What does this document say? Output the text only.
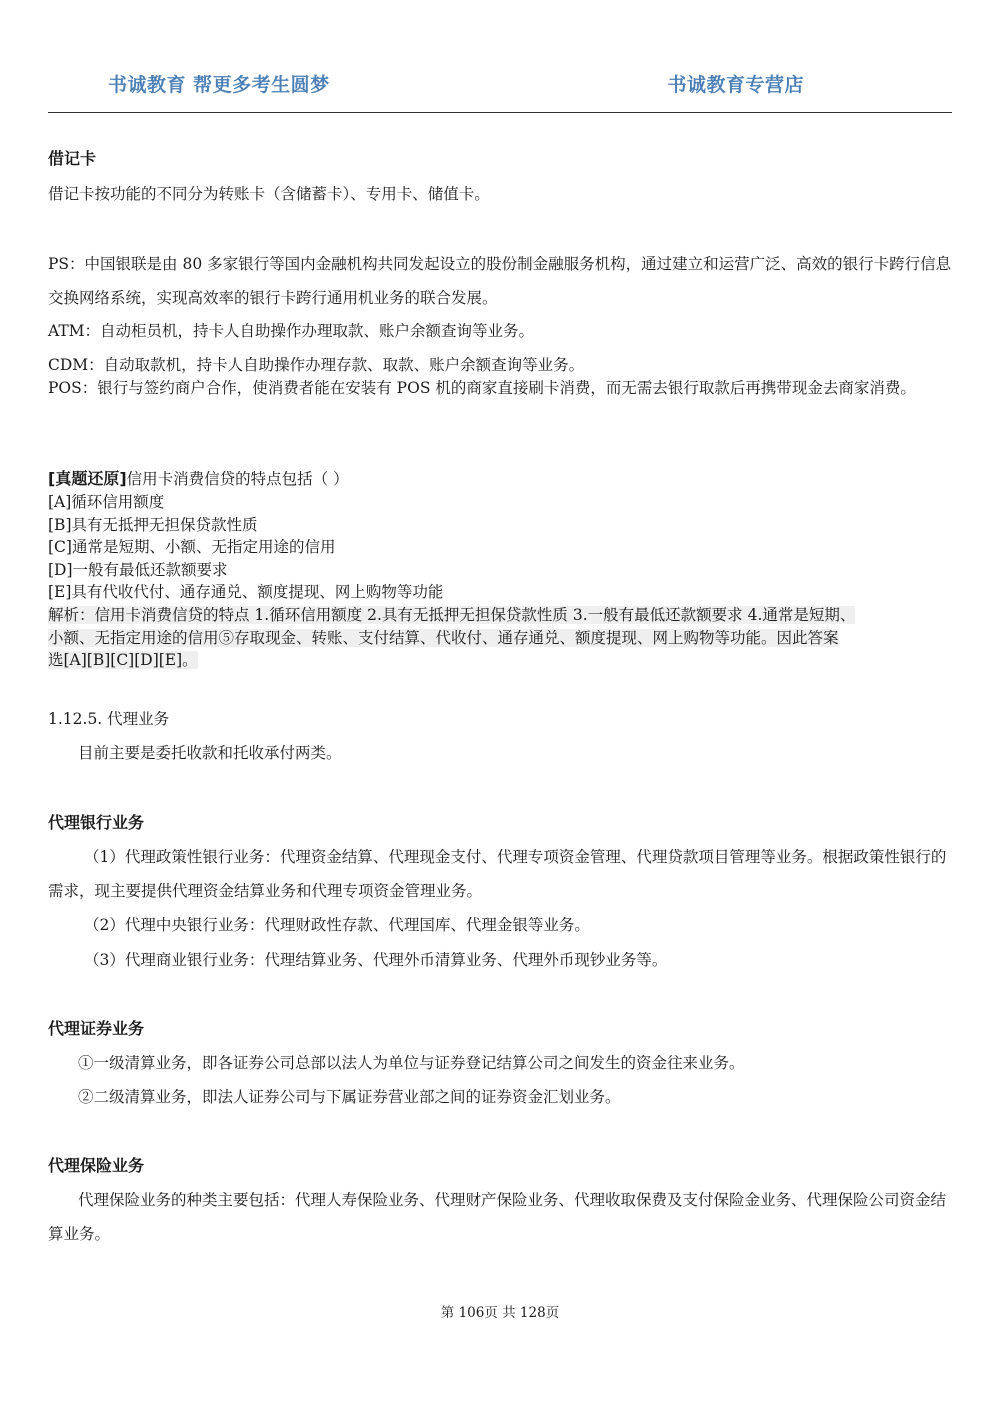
书诚教育 帮更多考生圆梦	书诚教育专营店
借记卡
借记卡按功能的不同分为转账卡（含储蓄卡）、专用卡、储值卡。
PS：中国银联是由 80 多家银行等国内金融机构共同发起设立的股份制金融服务机构，通过建立和运营广泛、高效的银行卡跨行信息交换网络系统，实现高效率的银行卡跨行通用机业务的联合发展。
ATM：自动柜员机，持卡人自助操作办理取款、账户余额查询等业务。
CDM：自动取款机，持卡人自助操作办理存款、取款、账户余额查询等业务。
POS：银行与签约商户合作，使消费者能在安装有 POS 机的商家直接刷卡消费，而无需去银行取款后再携带现金去商家消费。
[真题还原]信用卡消费信贷的特点包括（ ）
[A]循环信用额度
[B]具有无抵押无担保贷款性质
[C]通常是短期、小额、无指定用途的信用
[D]一般有最低还款额要求
[E]具有代收代付、通存通兑、额度提现、网上购物等功能
解析：信用卡消费信贷的特点 1.循环信用额度 2.具有无抵押无担保贷款性质 3.一般有最低还款额要求 4.通常是短期、
小额、无指定用途的信用⑤存取现金、转账、支付结算、代收付、通存通兑、额度提现、网上购物等功能。因此答案
选[A][B][C][D][E]。
1.12.5. 代理业务
目前主要是委托收款和托收承付两类。
代理银行业务
（1）代理政策性银行业务：代理资金结算、代理现金支付、代理专项资金管理、代理贷款项目管理等业务。根据政策性银行的需求，现主要提供代理资金结算业务和代理专项资金管理业务。
（2）代理中央银行业务：代理财政性存款、代理国库、代理金银等业务。
（3）代理商业银行业务：代理结算业务、代理外币清算业务、代理外币现钞业务等。
代理证券业务
①一级清算业务，即各证券公司总部以法人为单位与证券登记结算公司之间发生的资金往来业务。
②二级清算业务，即法人证券公司与下属证券营业部之间的证券资金汇划业务。
代理保险业务
代理保险业务的种类主要包括：代理人寿保险业务、代理财产保险业务、代理收取保费及支付保险金业务、代理保险公司资金结算业务。
第 106页 共 128页
